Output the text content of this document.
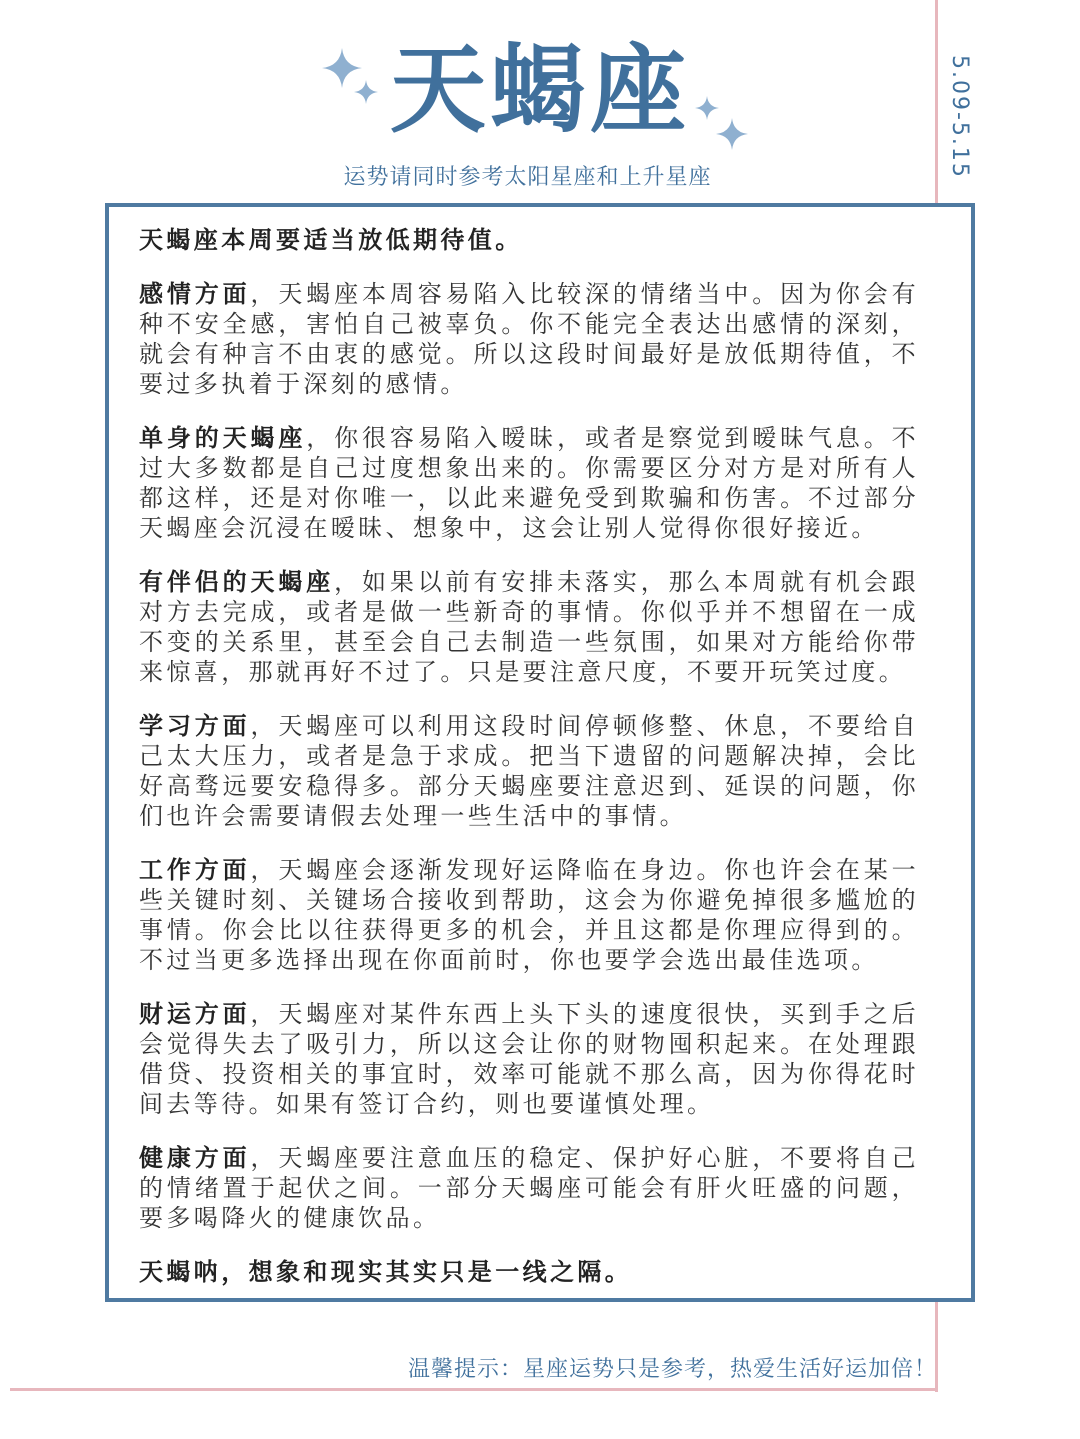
天蝎座
运势请同时参考太阳星座和上升星座	5.09-5.15

天蝎座本周要适当放低期待值。

感情方面，天蝎座本周容易陷入比较深的情绪当中。因为你会有种不安全感，害怕自己被辜负。你不能完全表达出感情的深刻，就会有种言不由衷的感觉。所以这段时间最好是放低期待值，不要过多执着于深刻的感情。

单身的天蝎座，你很容易陷入暧昧，或者是察觉到暧昧气息。不过大多数都是自己过度想象出来的。你需要区分对方是对所有人都这样，还是对你唯一，以此来避免受到欺骗和伤害。不过部分天蝎座会沉浸在暧昧、想象中，这会让别人觉得你很好接近。

有伴侣的天蝎座，如果以前有安排未落实，那么本周就有机会跟对方去完成，或者是做一些新奇的事情。你似乎并不想留在一成不变的关系里，甚至会自己去制造一些氛围，如果对方能给你带来惊喜，那就再好不过了。只是要注意尺度，不要开玩笑过度。

学习方面，天蝎座可以利用这段时间停顿修整、休息，不要给自己太大压力，或者是急于求成。把当下遗留的问题解决掉，会比好高骛远要安稳得多。部分天蝎座要注意迟到、延误的问题，你们也许会需要请假去处理一些生活中的事情。

工作方面，天蝎座会逐渐发现好运降临在身边。你也许会在某一些关键时刻、关键场合接收到帮助，这会为你避免掉很多尴尬的事情。你会比以往获得更多的机会，并且这都是你理应得到的。不过当更多选择出现在你面前时，你也要学会选出最佳选项。

财运方面，天蝎座对某件东西上头下头的速度很快，买到手之后会觉得失去了吸引力，所以这会让你的财物囤积起来。在处理跟借贷、投资相关的事宜时，效率可能就不那么高，因为你得花时间去等待。如果有签订合约，则也要谨慎处理。

健康方面，天蝎座要注意血压的稳定、保护好心脏，不要将自己的情绪置于起伏之间。一部分天蝎座可能会有肝火旺盛的问题，要多喝降火的健康饮品。

天蝎呐，想象和现实其实只是一线之隔。

温馨提示：星座运势只是参考，热爱生活好运加倍！
